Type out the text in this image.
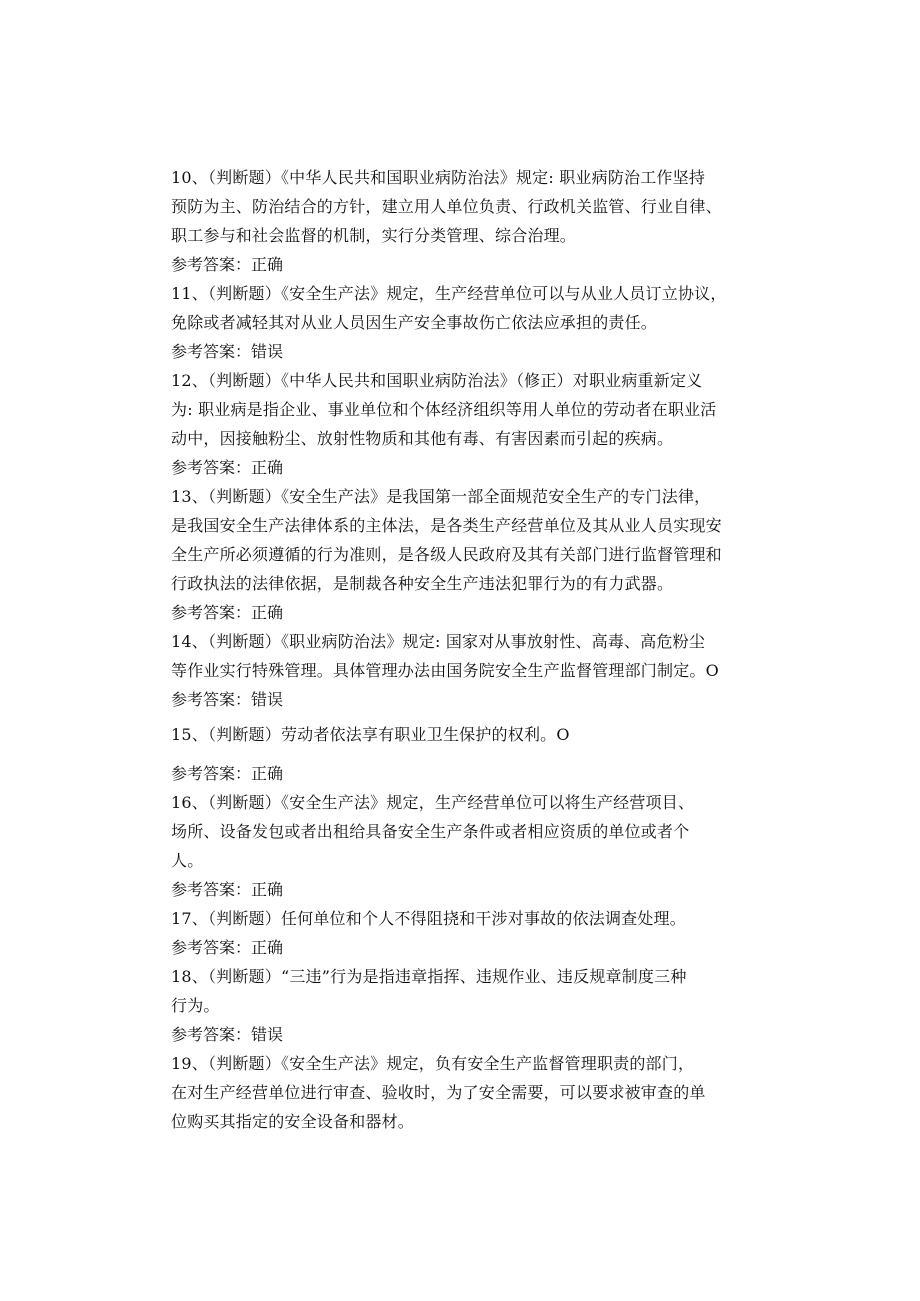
10、（判断题）《中华人民共和国职业病防治法》规定: 职业病防治工作坚持
预防为主、防治结合的方针，建立用人单位负责、行政机关监管、行业自律、
职工参与和社会监督的机制，实行分类管理、综合治理。
参考答案：正确
11、（判断题）《安全生产法》规定，生产经营单位可以与从业人员订立协议，
免除或者减轻其对从业人员因生产安全事故伤亡依法应承担的责任。
参考答案：错误
12、（判断题）《中华人民共和国职业病防治法》（修正）对职业病重新定义
为: 职业病是指企业、事业单位和个体经济组织等用人单位的劳动者在职业活
动中，因接触粉尘、放射性物质和其他有毒、有害因素而引起的疾病。
参考答案：正确
13、（判断题）《安全生产法》是我国第一部全面规范安全生产的专门法律，
是我国安全生产法律体系的主体法，是各类生产经营单位及其从业人员实现安
全生产所必须遵循的行为准则，是各级人民政府及其有关部门进行监督管理和
行政执法的法律依据，是制裁各种安全生产违法犯罪行为的有力武器。
参考答案：正确
14、（判断题）《职业病防治法》规定: 国家对从事放射性、高毒、高危粉尘
等作业实行特殊管理。具体管理办法由国务院安全生产监督管理部门制定。O
参考答案：错误
15、（判断题）劳动者依法享有职业卫生保护的权利。O
参考答案：正确
16、（判断题）《安全生产法》规定，生产经营单位可以将生产经营项目、
场所、设备发包或者出租给具备安全生产条件或者相应资质的单位或者个
人。
参考答案：正确
17、（判断题）任何单位和个人不得阻挠和干涉对事故的依法调查处理。
参考答案：正确
18、（判断题）“三违”行为是指违章指挥、违规作业、违反规章制度三种
行为。
参考答案：错误
19、（判断题）《安全生产法》规定，负有安全生产监督管理职责的部门，
在对生产经营单位进行审查、验收时，为了安全需要，可以要求被审查的单
位购买其指定的安全设备和器材。
